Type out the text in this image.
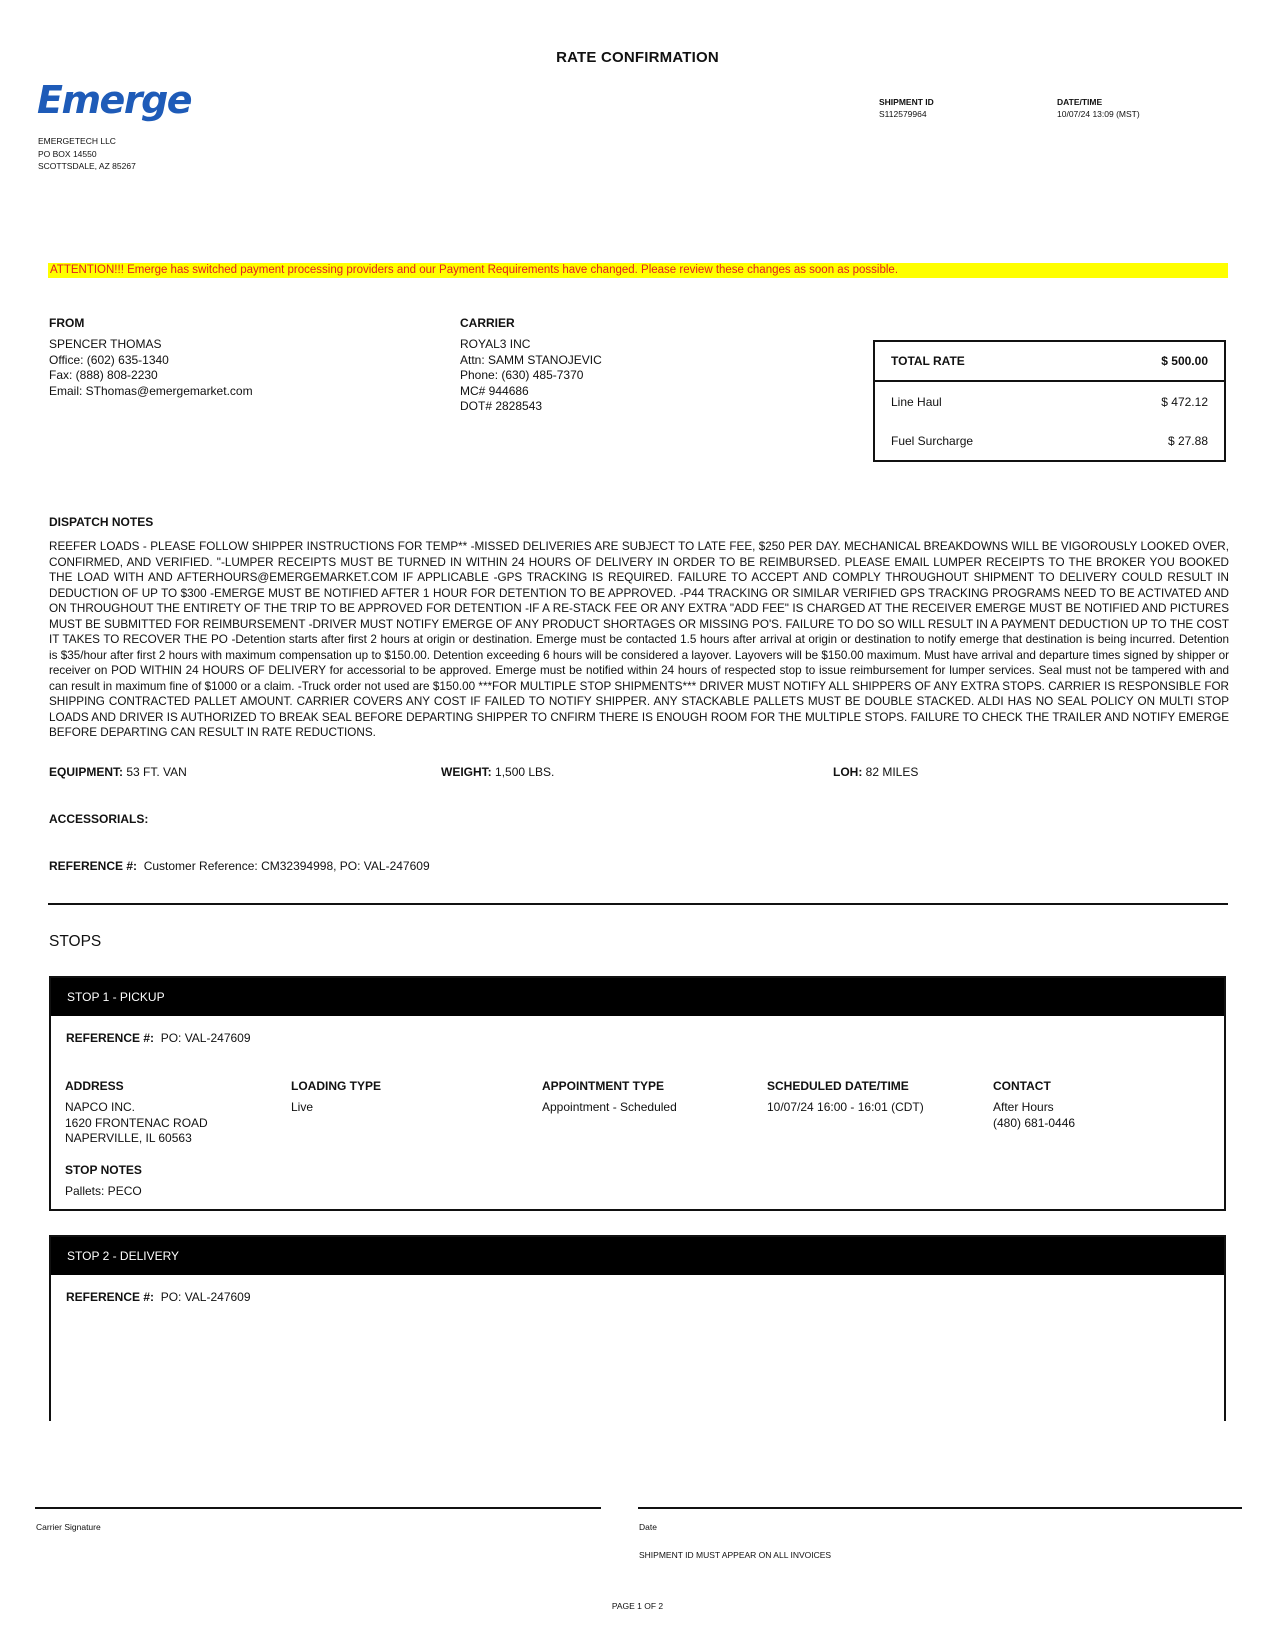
RATE CONFIRMATION
Emerge
EMERGETECH LLC
PO BOX 14550
SCOTTSDALE, AZ 85267
SHIPMENT ID
S112579964
DATE/TIME
10/07/24 13:09 (MST)
ATTENTION!!! Emerge has switched payment processing providers and our Payment Requirements have changed. Please review these changes as soon as possible.
FROM
SPENCER THOMAS
Office: (602) 635-1340
Fax: (888) 808-2230
Email: SThomas@emergemarket.com
CARRIER
ROYAL3 INC
Attn: SAMM STANOJEVIC
Phone: (630) 485-7370
MC# 944686
DOT# 2828543
TOTAL RATE	$ 500.00
Line Haul	$ 472.12
Fuel Surcharge	$ 27.88
DISPATCH NOTES
REEFER LOADS - PLEASE FOLLOW SHIPPER INSTRUCTIONS FOR TEMP** -MISSED DELIVERIES ARE SUBJECT TO LATE FEE, $250 PER DAY. MECHANICAL BREAKDOWNS WILL BE VIGOROUSLY LOOKED OVER, CONFIRMED, AND VERIFIED. "-LUMPER RECEIPTS MUST BE TURNED IN WITHIN 24 HOURS OF DELIVERY IN ORDER TO BE REIMBURSED. PLEASE EMAIL LUMPER RECEIPTS TO THE BROKER YOU BOOKED THE LOAD WITH AND AFTERHOURS@EMERGEMARKET.COM IF APPLICABLE -GPS TRACKING IS REQUIRED. FAILURE TO ACCEPT AND COMPLY THROUGHOUT SHIPMENT TO DELIVERY COULD RESULT IN DEDUCTION OF UP TO $300 -EMERGE MUST BE NOTIFIED AFTER 1 HOUR FOR DETENTION TO BE APPROVED. -P44 TRACKING OR SIMILAR VERIFIED GPS TRACKING PROGRAMS NEED TO BE ACTIVATED AND ON THROUGHOUT THE ENTIRETY OF THE TRIP TO BE APPROVED FOR DETENTION -IF A RE-STACK FEE OR ANY EXTRA "ADD FEE" IS CHARGED AT THE RECEIVER EMERGE MUST BE NOTIFIED AND PICTURES MUST BE SUBMITTED FOR REIMBURSEMENT -DRIVER MUST NOTIFY EMERGE OF ANY PRODUCT SHORTAGES OR MISSING PO'S. FAILURE TO DO SO WILL RESULT IN A PAYMENT DEDUCTION UP TO THE COST IT TAKES TO RECOVER THE PO -Detention starts after first 2 hours at origin or destination. Emerge must be contacted 1.5 hours after arrival at origin or destination to notify emerge that destination is being incurred. Detention is $35/hour after first 2 hours with maximum compensation up to $150.00. Detention exceeding 6 hours will be considered a layover. Layovers will be $150.00 maximum. Must have arrival and departure times signed by shipper or receiver on POD WITHIN 24 HOURS OF DELIVERY for accessorial to be approved. Emerge must be notified within 24 hours of respected stop to issue reimbursement for lumper services. Seal must not be tampered with and can result in maximum fine of $1000 or a claim. -Truck order not used are $150.00 ***FOR MULTIPLE STOP SHIPMENTS*** DRIVER MUST NOTIFY ALL SHIPPERS OF ANY EXTRA STOPS. CARRIER IS RESPONSIBLE FOR SHIPPING CONTRACTED PALLET AMOUNT. CARRIER COVERS ANY COST IF FAILED TO NOTIFY SHIPPER. ANY STACKABLE PALLETS MUST BE DOUBLE STACKED. ALDI HAS NO SEAL POLICY ON MULTI STOP LOADS AND DRIVER IS AUTHORIZED TO BREAK SEAL BEFORE DEPARTING SHIPPER TO CNFIRM THERE IS ENOUGH ROOM FOR THE MULTIPLE STOPS. FAILURE TO CHECK THE TRAILER AND NOTIFY EMERGE BEFORE DEPARTING CAN RESULT IN RATE REDUCTIONS.
EQUIPMENT: 53 FT. VAN	WEIGHT: 1,500 LBS.	LOH: 82 MILES
ACCESSORIALS:
REFERENCE #: Customer Reference: CM32394998, PO: VAL-247609
STOPS
STOP 1 - PICKUP
REFERENCE #: PO: VAL-247609
ADDRESS
NAPCO INC.
1620 FRONTENAC ROAD
NAPERVILLE, IL 60563
LOADING TYPE
Live
APPOINTMENT TYPE
Appointment - Scheduled
SCHEDULED DATE/TIME
10/07/24 16:00 - 16:01 (CDT)
CONTACT
After Hours
(480) 681-0446
STOP NOTES
Pallets: PECO
STOP 2 - DELIVERY
REFERENCE #: PO: VAL-247609
Carrier Signature	Date
SHIPMENT ID MUST APPEAR ON ALL INVOICES
PAGE 1 OF 2
